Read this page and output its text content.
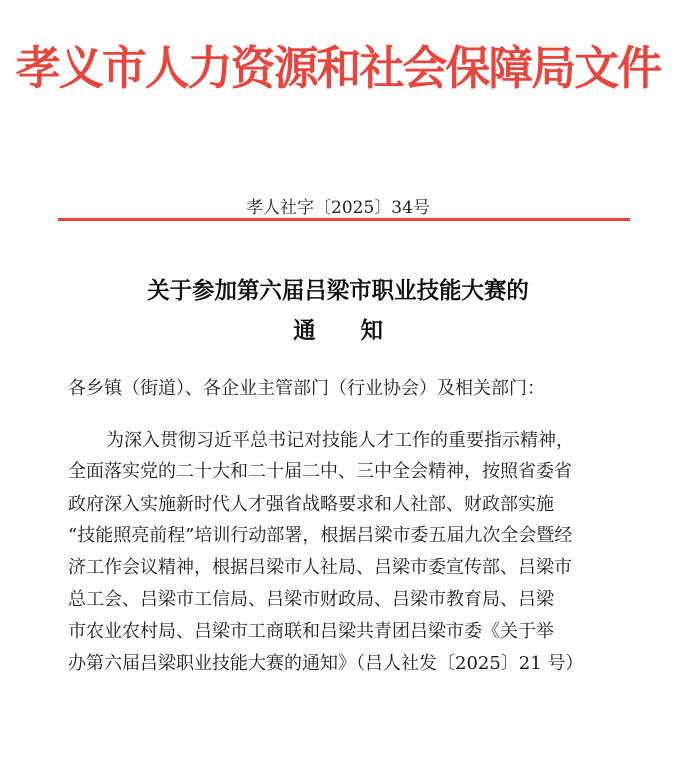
孝义市人力资源和社会保障局文件
孝人社字〔2025〕34号
关于参加第六届吕梁市职业技能大赛的
通 知
各乡镇（街道）、各企业主管部门（行业协会）及相关部门：
为深入贯彻习近平总书记对技能人才工作的重要指示精神，
全面落实党的二十大和二十届二中、三中全会精神，按照省委省
政府深入实施新时代人才强省战略要求和人社部、财政部实施
“技能照亮前程”培训行动部署，根据吕梁市委五届九次全会暨经
济工作会议精神，根据吕梁市人社局、吕梁市委宣传部、吕梁市
总工会、吕梁市工信局、吕梁市财政局、吕梁市教育局、吕梁
市农业农村局、吕梁市工商联和吕梁共青团吕梁市委《关于举
办第六届吕梁职业技能大赛的通知》（吕人社发〔2025〕21 号）
